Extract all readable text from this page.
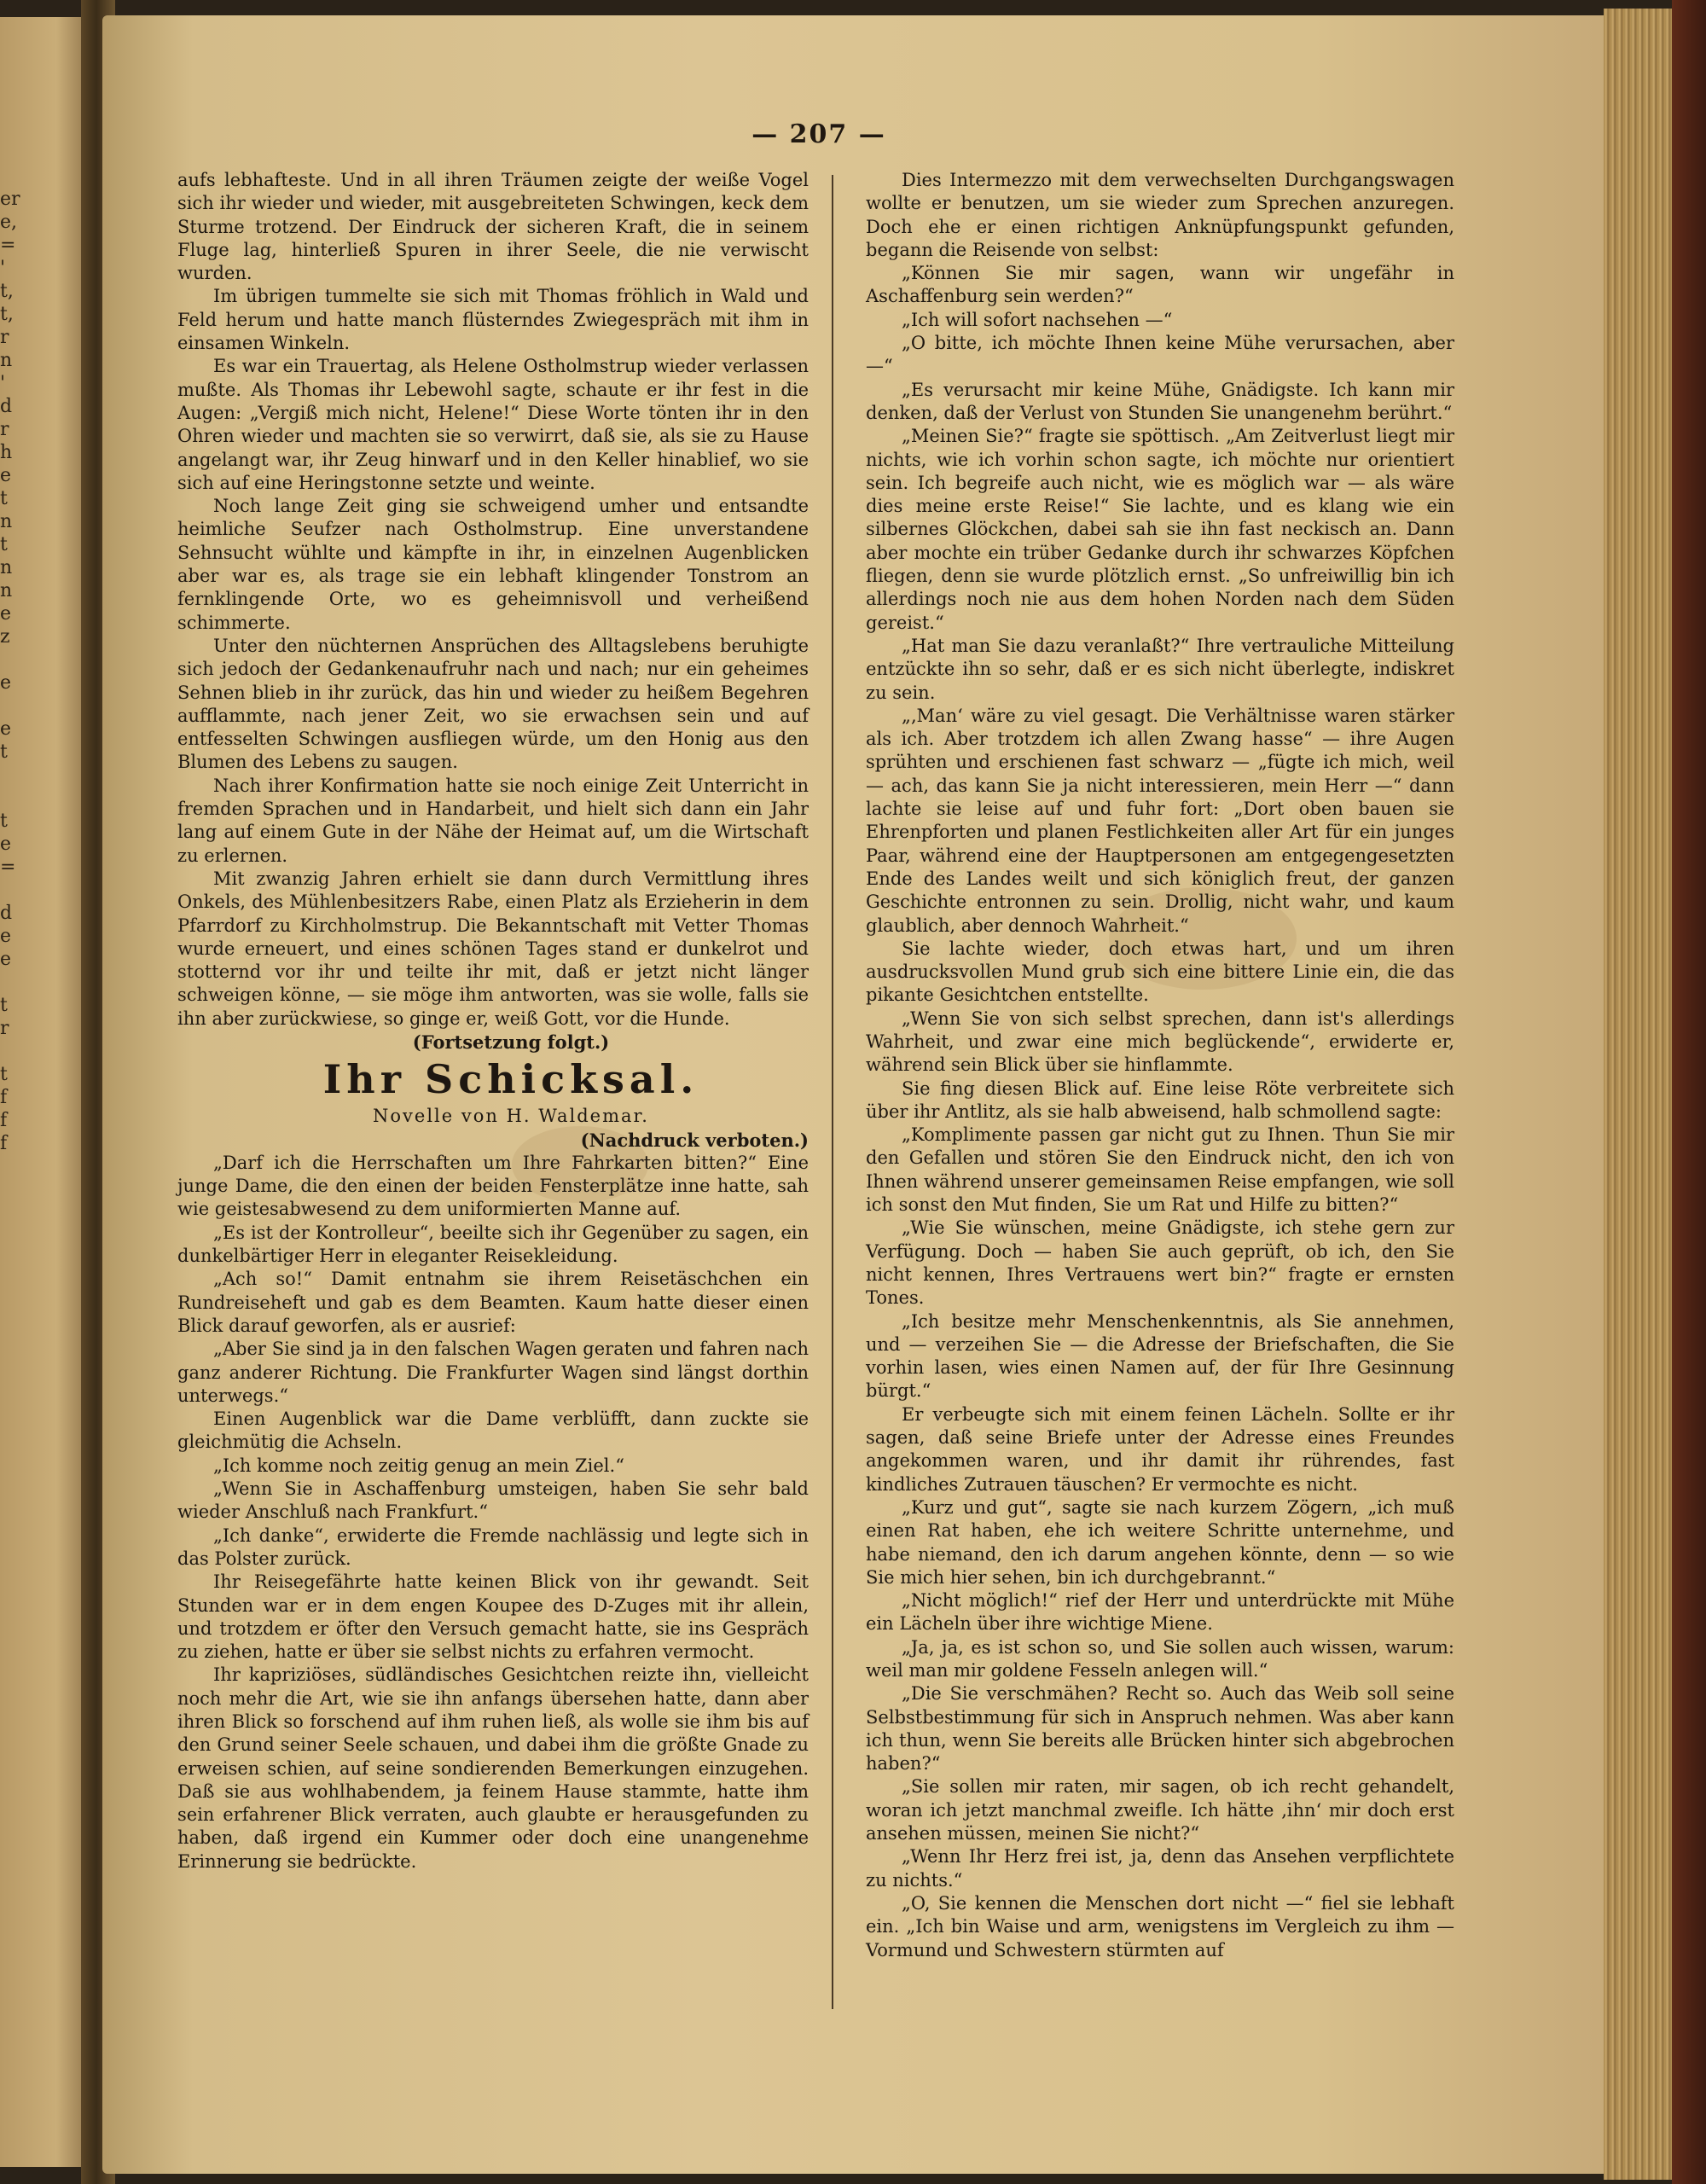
er
e,
=
'
t,
t,
r
n
'
d
r
h
e
t
n
t
n
n
e
z
e
e
t
t
e
=
d
e
e
t
r
t
f
f
f
— 207 —

aufs lebhafteste. Und in all ihren Träumen zeigte der weiße Vogel sich ihr wieder und wieder, mit ausgebreiteten Schwingen, keck dem Sturme trotzend. Der Eindruck der sicheren Kraft, die in seinem Fluge lag, hinterließ Spuren in ihrer Seele, die nie verwischt wurden.

Im übrigen tummelte sie sich mit Thomas fröhlich in Wald und Feld herum und hatte manch flüsterndes Zwiegespräch mit ihm in einsamen Winkeln.

Es war ein Trauertag, als Helene Ostholmstrup wieder verlassen mußte. Als Thomas ihr Lebewohl sagte, schaute er ihr fest in die Augen: „Vergiß mich nicht, Helene!“ Diese Worte tönten ihr in den Ohren wieder und machten sie so verwirrt, daß sie, als sie zu Hause angelangt war, ihr Zeug hinwarf und in den Keller hinablief, wo sie sich auf eine Heringstonne setzte und weinte.

Noch lange Zeit ging sie schweigend umher und entsandte heimliche Seufzer nach Ostholmstrup. Eine unverstandene Sehnsucht wühlte und kämpfte in ihr, in einzelnen Augenblicken aber war es, als trage sie ein lebhaft klingender Tonstrom an fernklingende Orte, wo es geheimnisvoll und verheißend schimmerte.

Unter den nüchternen Ansprüchen des Alltagslebens beruhigte sich jedoch der Gedankenaufruhr nach und nach; nur ein geheimes Sehnen blieb in ihr zurück, das hin und wieder zu heißem Begehren aufflammte, nach jener Zeit, wo sie erwachsen sein und auf entfesselten Schwingen ausfliegen würde, um den Honig aus den Blumen des Lebens zu saugen.

Nach ihrer Konfirmation hatte sie noch einige Zeit Unterricht in fremden Sprachen und in Handarbeit, und hielt sich dann ein Jahr lang auf einem Gute in der Nähe der Heimat auf, um die Wirtschaft zu erlernen.

Mit zwanzig Jahren erhielt sie dann durch Vermittlung ihres Onkels, des Mühlenbesitzers Rabe, einen Platz als Erzieherin in dem Pfarrdorf zu Kirchholmstrup. Die Bekanntschaft mit Vetter Thomas wurde erneuert, und eines schönen Tages stand er dunkelrot und stotternd vor ihr und teilte ihr mit, daß er jetzt nicht länger schweigen könne, — sie möge ihm antworten, was sie wolle, falls sie ihn aber zurückwiese, so ginge er, weiß Gott, vor die Hunde.

(Fortsetzung folgt.)

Ihr Schicksal.

Novelle von H. Waldemar.

(Nachdruck verboten.)

„Darf ich die Herrschaften um Ihre Fahrkarten bitten?“ Eine junge Dame, die den einen der beiden Fensterplätze inne hatte, sah wie geistesabwesend zu dem uniformierten Manne auf.

„Es ist der Kontrolleur“, beeilte sich ihr Gegenüber zu sagen, ein dunkelbärtiger Herr in eleganter Reisekleidung.

„Ach so!“ Damit entnahm sie ihrem Reisetäschchen ein Rundreiseheft und gab es dem Beamten. Kaum hatte dieser einen Blick darauf geworfen, als er ausrief:

„Aber Sie sind ja in den falschen Wagen geraten und fahren nach ganz anderer Richtung. Die Frankfurter Wagen sind längst dorthin unterwegs.“

Einen Augenblick war die Dame verblüfft, dann zuckte sie gleichmütig die Achseln.

„Ich komme noch zeitig genug an mein Ziel.“

„Wenn Sie in Aschaffenburg umsteigen, haben Sie sehr bald wieder Anschluß nach Frankfurt.“

„Ich danke“, erwiderte die Fremde nachlässig und legte sich in das Polster zurück.

Ihr Reisegefährte hatte keinen Blick von ihr gewandt. Seit Stunden war er in dem engen Koupee des D-Zuges mit ihr allein, und trotzdem er öfter den Versuch gemacht hatte, sie ins Gespräch zu ziehen, hatte er über sie selbst nichts zu erfahren vermocht.

Ihr kapriziöses, südländisches Gesichtchen reizte ihn, vielleicht noch mehr die Art, wie sie ihn anfangs übersehen hatte, dann aber ihren Blick so forschend auf ihm ruhen ließ, als wolle sie ihm bis auf den Grund seiner Seele schauen, und dabei ihm die größte Gnade zu erweisen schien, auf seine sondierenden Bemerkungen einzugehen. Daß sie aus wohlhabendem, ja feinem Hause stammte, hatte ihm sein erfahrener Blick verraten, auch glaubte er herausgefunden zu haben, daß irgend ein Kummer oder doch eine unangenehme Erinnerung sie bedrückte.

Dies Intermezzo mit dem verwechselten Durchgangswagen wollte er benutzen, um sie wieder zum Sprechen anzuregen. Doch ehe er einen richtigen Anknüpfungspunkt gefunden, begann die Reisende von selbst:

„Können Sie mir sagen, wann wir ungefähr in Aschaffenburg sein werden?“

„Ich will sofort nachsehen —“

„O bitte, ich möchte Ihnen keine Mühe verursachen, aber —“

„Es verursacht mir keine Mühe, Gnädigste. Ich kann mir denken, daß der Verlust von Stunden Sie unangenehm berührt.“

„Meinen Sie?“ fragte sie spöttisch. „Am Zeitverlust liegt mir nichts, wie ich vorhin schon sagte, ich möchte nur orientiert sein. Ich begreife auch nicht, wie es möglich war — als wäre dies meine erste Reise!“ Sie lachte, und es klang wie ein silbernes Glöckchen, dabei sah sie ihn fast neckisch an. Dann aber mochte ein trüber Gedanke durch ihr schwarzes Köpfchen fliegen, denn sie wurde plötzlich ernst. „So unfreiwillig bin ich allerdings noch nie aus dem hohen Norden nach dem Süden gereist.“

„Hat man Sie dazu veranlaßt?“ Ihre vertrauliche Mitteilung entzückte ihn so sehr, daß er es sich nicht überlegte, indiskret zu sein.

„‚Man‘ wäre zu viel gesagt. Die Verhältnisse waren stärker als ich. Aber trotzdem ich allen Zwang hasse“ — ihre Augen sprühten und erschienen fast schwarz — „fügte ich mich, weil — ach, das kann Sie ja nicht interessieren, mein Herr —“ dann lachte sie leise auf und fuhr fort: „Dort oben bauen sie Ehrenpforten und planen Festlichkeiten aller Art für ein junges Paar, während eine der Hauptpersonen am entgegengesetzten Ende des Landes weilt und sich königlich freut, der ganzen Geschichte entronnen zu sein. Drollig, nicht wahr, und kaum glaublich, aber dennoch Wahrheit.“

Sie lachte wieder, doch etwas hart, und um ihren ausdrucksvollen Mund grub sich eine bittere Linie ein, die das pikante Gesichtchen entstellte.

„Wenn Sie von sich selbst sprechen, dann ist's allerdings Wahrheit, und zwar eine mich beglückende“, erwiderte er, während sein Blick über sie hinflammte.

Sie fing diesen Blick auf. Eine leise Röte verbreitete sich über ihr Antlitz, als sie halb abweisend, halb schmollend sagte:

„Komplimente passen gar nicht gut zu Ihnen. Thun Sie mir den Gefallen und stören Sie den Eindruck nicht, den ich von Ihnen während unserer gemeinsamen Reise empfangen, wie soll ich sonst den Mut finden, Sie um Rat und Hilfe zu bitten?“

„Wie Sie wünschen, meine Gnädigste, ich stehe gern zur Verfügung. Doch — haben Sie auch geprüft, ob ich, den Sie nicht kennen, Ihres Vertrauens wert bin?“ fragte er ernsten Tones.

„Ich besitze mehr Menschenkenntnis, als Sie annehmen, und — verzeihen Sie — die Adresse der Briefschaften, die Sie vorhin lasen, wies einen Namen auf, der für Ihre Gesinnung bürgt.“

Er verbeugte sich mit einem feinen Lächeln. Sollte er ihr sagen, daß seine Briefe unter der Adresse eines Freundes angekommen waren, und ihr damit ihr rührendes, fast kindliches Zutrauen täuschen? Er vermochte es nicht.

„Kurz und gut“, sagte sie nach kurzem Zögern, „ich muß einen Rat haben, ehe ich weitere Schritte unternehme, und habe niemand, den ich darum angehen könnte, denn — so wie Sie mich hier sehen, bin ich durchgebrannt.“

„Nicht möglich!“ rief der Herr und unterdrückte mit Mühe ein Lächeln über ihre wichtige Miene.

„Ja, ja, es ist schon so, und Sie sollen auch wissen, warum: weil man mir goldene Fesseln anlegen will.“

„Die Sie verschmähen? Recht so. Auch das Weib soll seine Selbstbestimmung für sich in Anspruch nehmen. Was aber kann ich thun, wenn Sie bereits alle Brücken hinter sich abgebrochen haben?“

„Sie sollen mir raten, mir sagen, ob ich recht gehandelt, woran ich jetzt manchmal zweifle. Ich hätte ‚ihn‘ mir doch erst ansehen müssen, meinen Sie nicht?“

„Wenn Ihr Herz frei ist, ja, denn das Ansehen verpflichtete zu nichts.“

„O, Sie kennen die Menschen dort nicht —“ fiel sie lebhaft ein. „Ich bin Waise und arm, wenigstens im Vergleich zu ihm — Vormund und Schwestern stürmten auf
